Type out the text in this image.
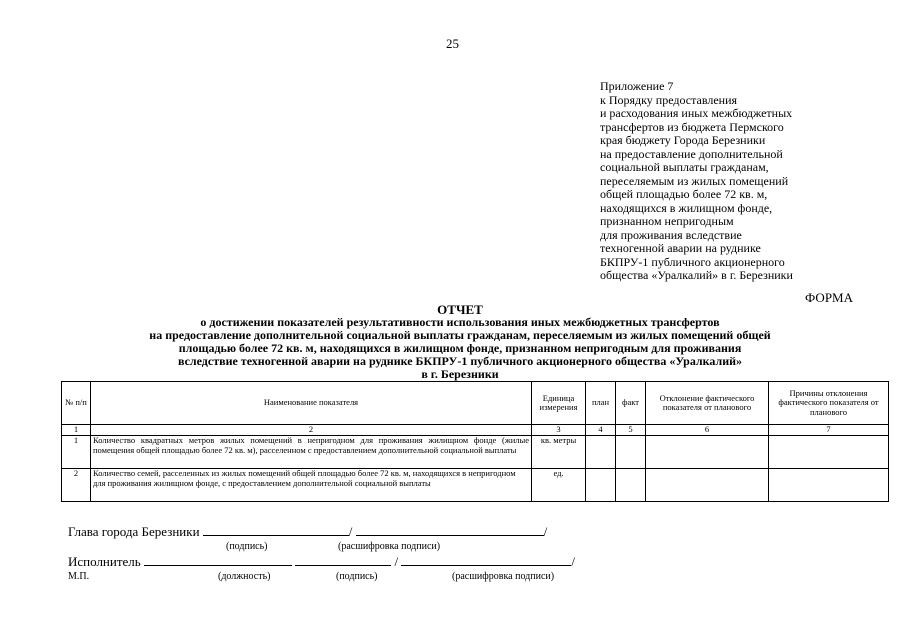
25
Приложение 7
к Порядку предоставления
и расходования иных межбюджетных
трансфертов из бюджета Пермского
края бюджету Города Березники
на предоставление дополнительной
социальной выплаты гражданам,
переселяемым из жилых помещений
общей площадью более 72 кв. м,
находящихся в жилищном фонде,
признанном непригодным
для проживания вследствие
техногенной аварии на руднике
БКПРУ-1 публичного акционерного
общества «Уралкалий» в г. Березники
ФОРМА
ОТЧЕТ
о достижении показателей результативности использования иных межбюджетных трансфертов
на предоставление дополнительной социальной выплаты гражданам, переселяемым из жилых помещений общей
площадью более 72 кв. м, находящихся в жилищном фонде, признанном непригодным для проживания
вследствие техногенной аварии на руднике БКПРУ-1 публичного акционерного общества «Уралкалий»
в г. Березники
№ п/п	Наименование показателя	Единица измерения	план	факт	Отклонение фактического показателя от планового	Причины отклонения фактического показателя от планового
1	2	3	4	5	6	7
1	Количество квадратных метров жилых помещений в непригодном для проживания жилищном фонде (жилые помещения общей площадью более 72 кв. м), расселенном с предоставлением дополнительной социальной выплаты	кв. метры				
2	Количество семей, расселенных из жилых помещений общей площадью более 72 кв. м, находящихся в непригодном для проживания жилищном фонде, с предоставлением дополнительной социальной выплаты	ед.				
Глава города Березники	/	/
(подпись)	(расшифровка подписи)
Исполнитель	/	/
М.П.	(должность)	(подпись)	(расшифровка подписи)
